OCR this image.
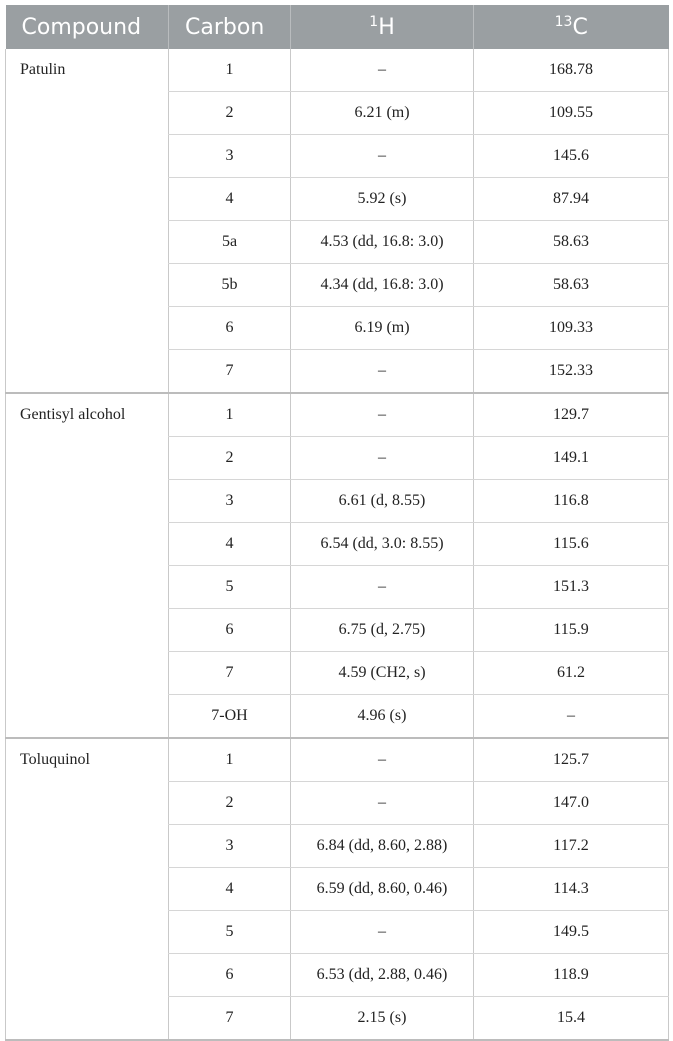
Compound	Carbon	$^1$H	$^{13}$C
Patulin	1	–	168.78
	2	6.21 (m)	109.55
	3	–	145.6
	4	5.92 (s)	87.94
	5a	4.53 (dd, 16.8: 3.0)	58.63
	5b	4.34 (dd, 16.8: 3.0)	58.63
	6	6.19 (m)	109.33
	7	–	152.33
Gentisyl alcohol	1	–	129.7
	2	–	149.1
	3	6.61 (d, 8.55)	116.8
	4	6.54 (dd, 3.0: 8.55)	115.6
	5	–	151.3
	6	6.75 (d, 2.75)	115.9
	7	4.59 (CH2, s)	61.2
	7-OH	4.96 (s)	–
Toluquinol	1	–	125.7
	2	–	147.0
	3	6.84 (dd, 8.60, 2.88)	117.2
	4	6.59 (dd, 8.60, 0.46)	114.3
	5	–	149.5
	6	6.53 (dd, 2.88, 0.46)	118.9
	7	2.15 (s)	15.4
